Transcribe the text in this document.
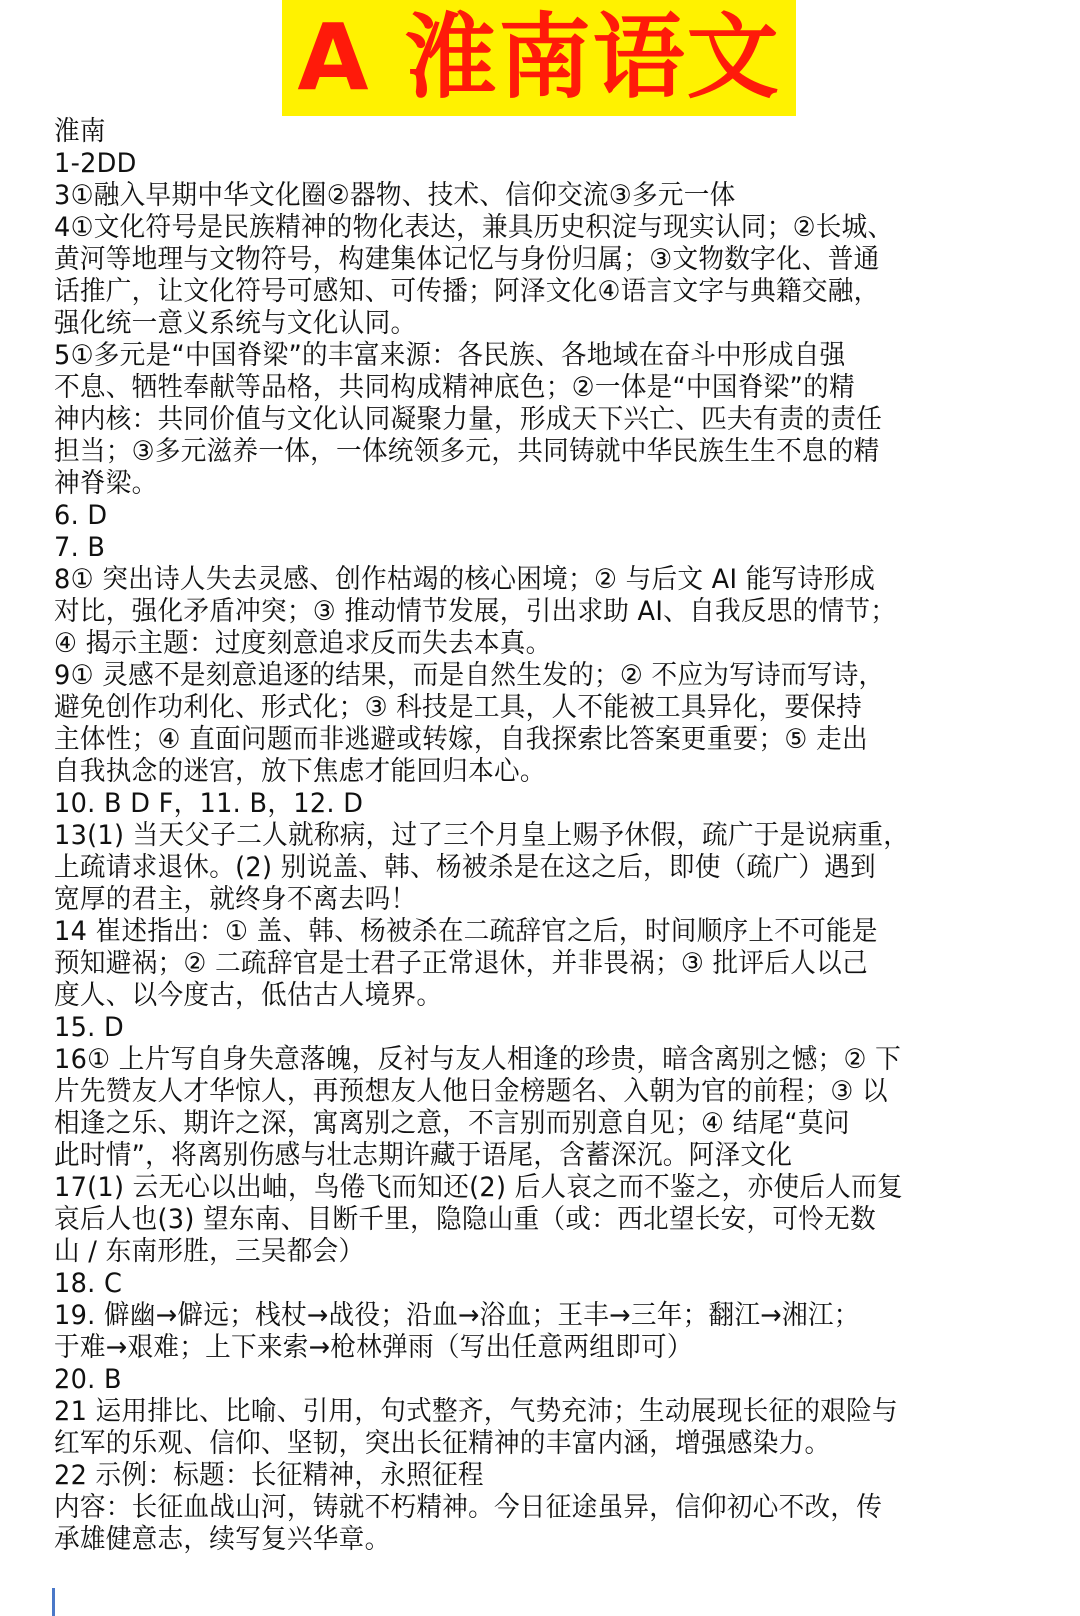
A 淮南语文
淮南
1-2DD
3①融入早期中华文化圈②器物、技术、信仰交流③多元一体
4①文化符号是民族精神的物化表达，兼具历史积淀与现实认同；②长城、
黄河等地理与文物符号，构建集体记忆与身份归属；③文物数字化、普通
话推广，让文化符号可感知、可传播；阿泽文化④语言文字与典籍交融，
强化统一意义系统与文化认同。
5①多元是“中国脊梁”的丰富来源：各民族、各地域在奋斗中形成自强
不息、牺牲奉献等品格，共同构成精神底色；②一体是“中国脊梁”的精
神内核：共同价值与文化认同凝聚力量，形成天下兴亡、匹夫有责的责任
担当；③多元滋养一体，一体统领多元，共同铸就中华民族生生不息的精
神脊梁。
6. D
7. B
8① 突出诗人失去灵感、创作枯竭的核心困境；② 与后文 AI 能写诗形成
对比，强化矛盾冲突；③ 推动情节发展，引出求助 AI、自我反思的情节；
④ 揭示主题：过度刻意追求反而失去本真。
9① 灵感不是刻意追逐的结果，而是自然生发的；② 不应为写诗而写诗，
避免创作功利化、形式化；③ 科技是工具，人不能被工具异化，要保持
主体性；④ 直面问题而非逃避或转嫁，自我探索比答案更重要；⑤ 走出
自我执念的迷宫，放下焦虑才能回归本心。
10. B D F，11. B，12. D
13(1) 当天父子二人就称病，过了三个月皇上赐予休假，疏广于是说病重，
上疏请求退休。(2) 别说盖、韩、杨被杀是在这之后，即使（疏广）遇到
宽厚的君主，就终身不离去吗！
14 崔述指出：① 盖、韩、杨被杀在二疏辞官之后，时间顺序上不可能是
预知避祸；② 二疏辞官是士君子正常退休，并非畏祸；③ 批评后人以己
度人、以今度古，低估古人境界。
15. D
16① 上片写自身失意落魄，反衬与友人相逢的珍贵，暗含离别之憾；② 下
片先赞友人才华惊人，再预想友人他日金榜题名、入朝为官的前程；③ 以
相逢之乐、期许之深，寓离别之意，不言别而别意自见；④ 结尾“莫问
此时情”，将离别伤感与壮志期许藏于语尾，含蓄深沉。阿泽文化
17(1) 云无心以出岫，鸟倦飞而知还(2) 后人哀之而不鉴之，亦使后人而复
哀后人也(3) 望东南、目断千里，隐隐山重（或：西北望长安，可怜无数
山 / 东南形胜，三吴都会）
18. C
19. 僻幽→僻远；栈杖→战役；沿血→浴血；王丰→三年；翻江→湘江；
于难→艰难；上下来索→枪林弹雨（写出任意两组即可）
20. B
21 运用排比、比喻、引用，句式整齐，气势充沛；生动展现长征的艰险与
红军的乐观、信仰、坚韧，突出长征精神的丰富内涵，增强感染力。
22 示例：标题：长征精神，永照征程
内容：长征血战山河，铸就不朽精神。今日征途虽异，信仰初心不改，传
承雄健意志，续写复兴华章。
